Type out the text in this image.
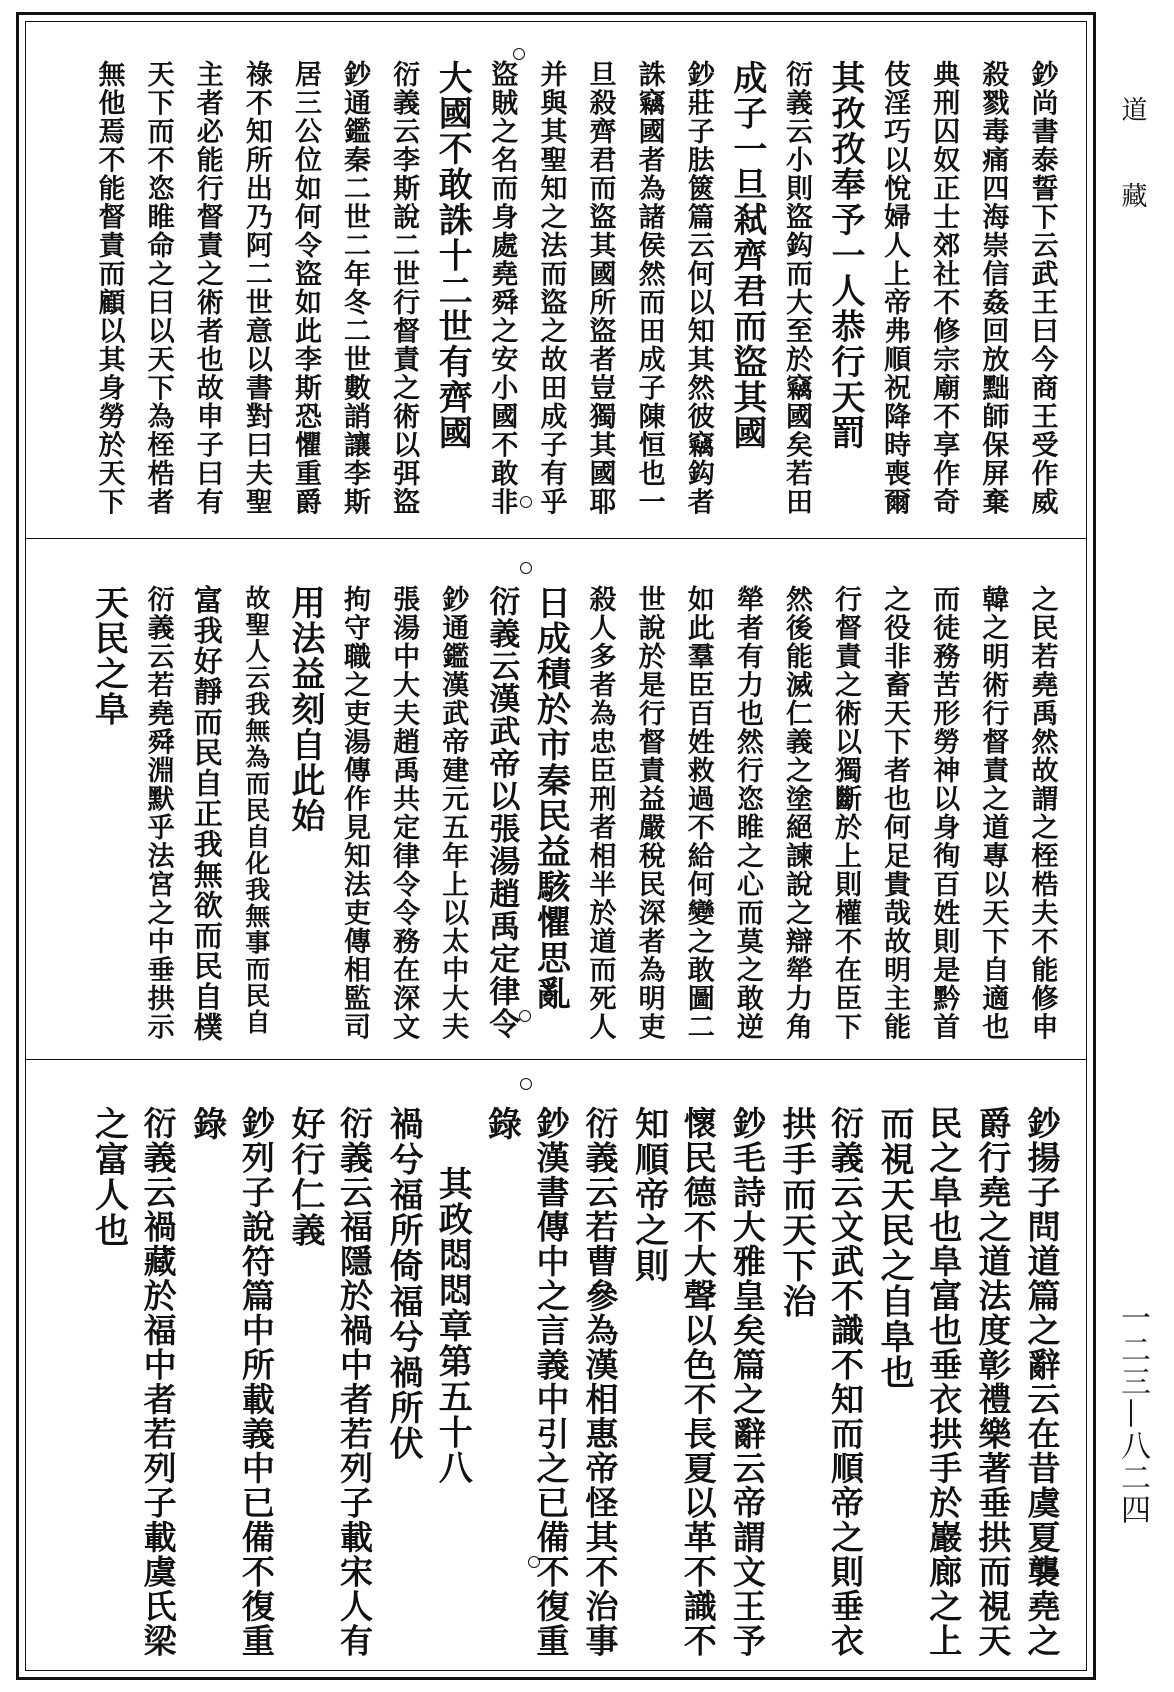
鈔尚書泰誓下云武王曰今商王受作威
殺戮毒痛四海崇信姦回放黜師保屏棄
典刑囚奴正士郊社不修宗廟不享作奇
伎淫巧以悅婦人上帝弗順祝降時喪爾
其孜孜奉予一人恭行天罰
衍義云小則盜鈎而大至於竊國矣若田
成子一旦弒齊君而盜其國
鈔莊子胠篋篇云何以知其然彼竊鈎者
誅竊國者為諸侯然而田成子陳恒也一
旦殺齊君而盜其國所盜者豈獨其國耶
并與其聖知之法而盜之故田成子有乎
盜賊之名而身處堯舜之安小國不敢非
大國不敢誅十二世有齊國
衍義云李斯說二世行督責之術以弭盜
鈔通鑑秦二世二年冬二世數誚讓李斯
居三公位如何令盜如此李斯恐懼重爵
祿不知所出乃阿二世意以書對曰夫聖
主者必能行督責之術者也故申子曰有
天下而不恣睢命之曰以天下為桎梏者
無他焉不能督責而顧以其身勞於天下
之民若堯禹然故謂之桎梏夫不能修申
韓之明術行督責之道專以天下自適也
而徒務苦形勞神以身徇百姓則是黔首
之役非畜天下者也何足貴哉故明主能
行督責之術以獨斷於上則權不在臣下
然後能滅仁義之塗絕諫說之辯犖力角
犖者有力也然行恣睢之心而莫之敢逆
如此羣臣百姓救過不給何變之敢圖二
世說於是行督責益嚴稅民深者為明吏
殺人多者為忠臣刑者相半於道而死人
日成積於市秦民益駭懼思亂
衍義云漢武帝以張湯趙禹定律令
鈔通鑑漢武帝建元五年上以太中大夫
張湯中大夫趙禹共定律令令務在深文
拘守職之吏湯傳作見知法吏傳相監司
用法益刻自此始
故聖人云我無為而民自化我無事而民自
富我好靜而民自正我無欲而民自樸
衍義云若堯舜淵默乎法宮之中垂拱示
天民之阜
鈔揚子問道篇之辭云在昔虞夏襲堯之
爵行堯之道法度彰禮樂著垂拱而視天
民之阜也阜富也垂衣拱手於巖廊之上
而視天民之自阜也
衍義云文武不識不知而順帝之則垂衣
拱手而天下治
鈔毛詩大雅皇矣篇之辭云帝謂文王予
懷民德不大聲以色不長夏以革不識不
知順帝之則
衍義云若曹參為漢相惠帝怪其不治事
鈔漢書傳中之言義中引之已備不復重
錄
其政悶悶章第五十八
禍兮福所倚福兮禍所伏
衍義云福隱於禍中者若列子載宋人有
好行仁義
鈔列子說符篇中所載義中已備不復重
錄
衍義云禍藏於福中者若列子載虞氏梁
之富人也
道藏
一二三—八二四
